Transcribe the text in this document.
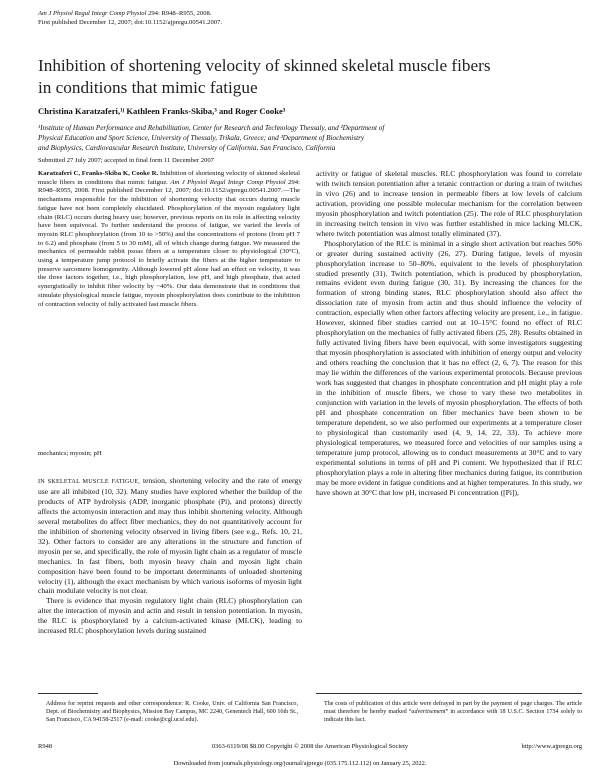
Am J Physiol Regul Integr Comp Physiol 294: R948–R955, 2008.
First published December 12, 2007; doi:10.1152/ajpregu.00541.2007.
Inhibition of shortening velocity of skinned skeletal muscle fibers
in conditions that mimic fatigue
Christina Karatzaferi,¹ʲ Kathleen Franks-Skiba,³ and Roger Cooke³
¹Institute of Human Performance and Rehabilitation, Center for Research and Technology Thessaly, and ²Department of
Physical Education and Sport Science, University of Thessaly, Trikala, Greece; and ³Department of Biochemistry
and Biophysics, Cardiovascular Research Institute, University of California, San Francisco, California
Submitted 27 July 2007; accepted in final form 11 December 2007
Karatzaferi C, Franks-Skiba K, Cooke R. Inhibition of shortening velocity of skinned skeletal muscle fibers in conditions that mimic fatigue. Am J Physiol Regul Integr Comp Physiol 294: R948–R955, 2008. First published December 12, 2007; doi:10.1152/ajpregu.00541.2007.—The mechanisms responsible for the inhibition of shortening velocity that occurs during muscle fatigue have not been completely elucidated. Phosphorylation of the myosin regulatory light chain (RLC) occurs during heavy use; however, previous reports on its role in affecting velocity have been equivocal. To further understand the process of fatigue, we varied the levels of myosin RLC phosphorylation (from 10 to >50%) and the concentrations of protons (from pH 7 to 6.2) and phosphate (from 5 to 30 mM), all of which change during fatigue. We measured the mechanics of permeable rabbit psoas fibers at a temperature closer to physiological (30°C), using a temperature jump protocol to briefly activate the fibers at the higher temperature to preserve sarcomere homogeneity. Although lowered pH alone had an effect on velocity, it was the three factors together, i.e., high phosphorylation, low pH, and high phosphate, that acted synergistically to inhibit fiber velocity by ~40%. Our data demonstrate that in conditions that simulate physiological muscle fatigue, myosin phosphorylation does contribute to the inhibition of contraction velocity of fully activated fast muscle fibers.
mechanics; myosin; pH

IN SKELETAL MUSCLE FATIGUE, tension, shortening velocity and the rate of energy use are all inhibited (10, 32). Many studies have explored whether the buildup of the products of ATP hydrolysis (ADP, inorganic phosphate (Pi), and protons) directly affects the actomyosin interaction and may thus inhibit shortening velocity. Although several metabolites do affect fiber mechanics, they do not quantitatively account for the inhibition of shortening velocity observed in living fibers (see e.g., Refs. 10, 21, 32). Other factors to consider are any alterations in the structure and function of myosin per se, and specifically, the role of myosin light chain as a regulator of muscle mechanics. In fast fibers, both myosin heavy chain and myosin light chain composition have been found to be important determinants of unloaded shortening velocity (1), although the exact mechanism by which various isoforms of myosin light chain modulate velocity is not clear.

There is evidence that myosin regulatory light chain (RLC) phosphorylation can alter the interaction of myosin and actin and result in tension potentiation. In myosin, the RLC is phosphorylated by a calcium-activated kinase (MLCK), leading to increased RLC phosphorylation levels during sustained

activity or fatigue of skeletal muscles. RLC phosphorylation was found to correlate with twitch tension potentiation after a tetanic contraction or during a train of twitches in vivo (26) and to increase tension in permeable fibers at low levels of calcium activation, providing one possible molecular mechanism for the correlation between myosin phosphorylation and twitch potentiation (25). The role of RLC phosphorylation in increasing twitch tension in vivo was further established in mice lacking MLCK, where twitch potentiation was almost totally eliminated (37).

Phosphorylation of the RLC is minimal in a single short activation but reaches 50% or greater during sustained activity (26, 27). During fatigue, levels of myosin phosphorylation increase to 50–80%, equivalent to the levels of phosphorylation studied presently (31). Twitch potentiation, which is produced by phosphorylation, remains evident even during fatigue (30, 31). By increasing the chances for the formation of strong binding states, RLC phosphorylation should also affect the dissociation rate of myosin from actin and thus should influence the velocity of contraction, especially when other factors affecting velocity are present, i.e., in fatigue. However, skinned fiber studies carried out at 10–15°C found no effect of RLC phosphorylation on the mechanics of fully activated fibers (25, 28). Results obtained in fully activated living fibers have been equivocal, with some investigators suggesting that myosin phosphorylation is associated with inhibition of energy output and velocity and others reaching the conclusion that it has no effect (2, 6, 7). The reason for this may lie within the differences of the various experimental protocols. Because previous work has suggested that changes in phosphate concentration and pH might play a role in the inhibition of muscle fibers, we chose to vary these two metabolites in conjunction with variation in the levels of myosin phosphorylation. The effects of both pH and phosphate concentration on fiber mechanics have been shown to be temperature dependent, so we also performed our experiments at a temperature closer to physiological than customarily used (4, 9, 14, 22, 33). To achieve more physiological temperatures, we measured force and velocities of our samples using a temperature jump protocol, allowing us to conduct measurements at 30°C and to vary experimental solutions in terms of pH and Pi content. We hypothesized that if RLC phosphorylation plays a role in altering fiber mechanics during fatigue, its contribution may be more evident in fatigue conditions and at higher temperatures. In this study, we have shown at 30°C that low pH, increased Pi concentration ([Pi]),

Address for reprint requests and other correspondence: R. Cooke, Univ. of California San Francisco, Dept. of Biochemistry and Biophysics, Mission Bay Campus, MC 2240, Genentech Hall, 600 16th St., San Francisco, CA 94158-2517 (e-mail: cooke@cgl.ucsf.edu).
The costs of publication of this article were defrayed in part by the payment of page charges. The article must therefore be hereby marked “advertisement” in accordance with 18 U.S.C. Section 1734 solely to indicate this fact.
0363-6119/08 $8.00 Copyright © 2008 the American Physiological Society
R948	http://www.ajpregu.org
Downloaded from journals.physiology.org/journal/ajpregu (035.175.112.112) on January 25, 2022.
